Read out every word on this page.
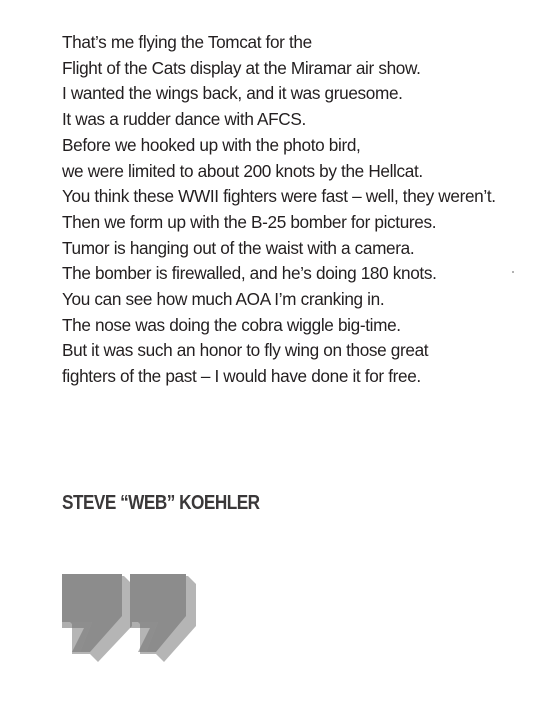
That’s me flying the Tomcat for the
Flight of the Cats display at the Miramar air show.
I wanted the wings back, and it was gruesome.
It was a rudder dance with AFCS.
Before we hooked up with the photo bird,
we were limited to about 200 knots by the Hellcat.
You think these WWII fighters were fast – well, they weren’t.
Then we form up with the B-25 bomber for pictures.
Tumor is hanging out of the waist with a camera.
The bomber is firewalled, and he’s doing 180 knots.
You can see how much AOA I’m cranking in.
The nose was doing the cobra wiggle big-time.
But it was such an honor to fly wing on those great
fighters of the past – I would have done it for free.
STEVE “WEB” KOEHLER
